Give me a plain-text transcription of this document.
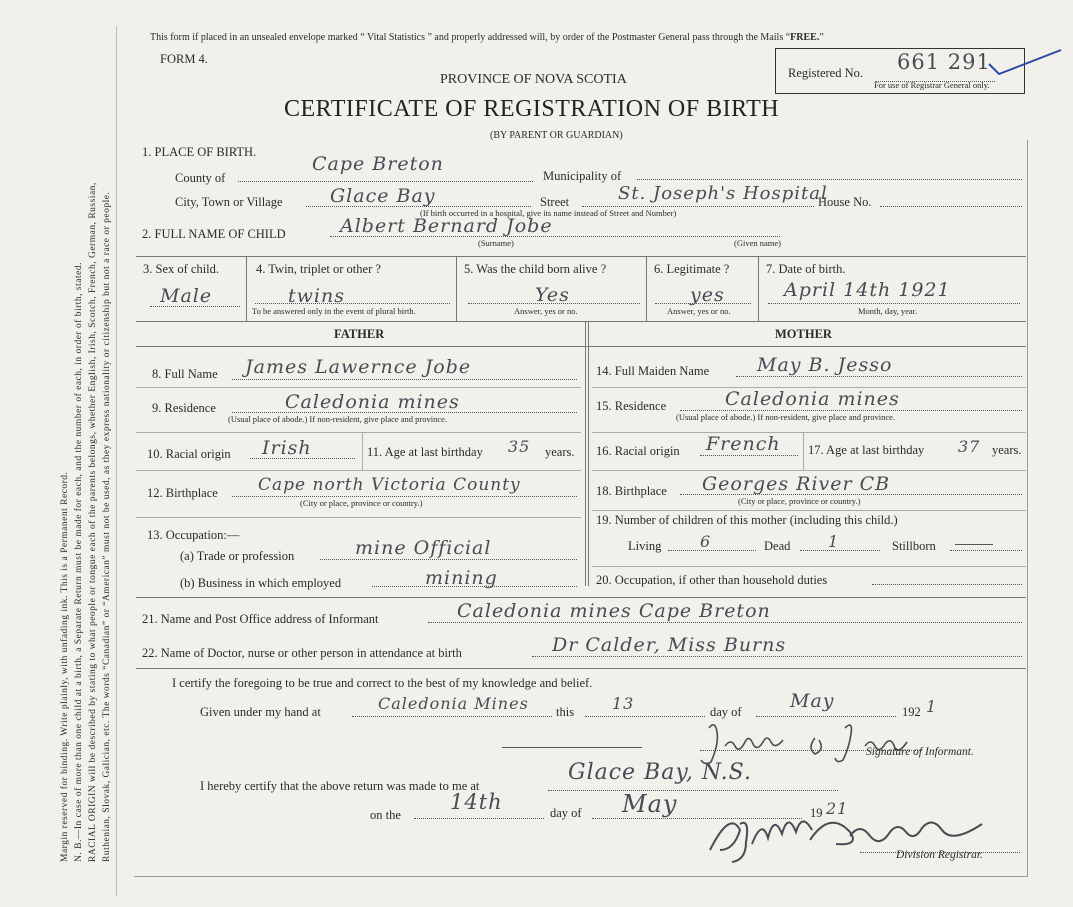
Margin reserved for binding. Write plainly, with unfading ink. This is a Permanent Record. N. B.—In case of more than one child at a birth, a Separate Return must be made for each, and the number of each, in order of birth, stated. RACIAL ORIGIN will be described by stating to what people or tongue each of the parents belongs, whether English, Irish, Scotch, French, German, Russian, Ruthenian, Slovak, Galician, etc. The words “Canadian” or “American” must not be used, as they express nationality or citizenship but not a race or people.
This form if placed in an unsealed envelope marked “ Vital Statistics ” and properly addressed will, by order of the Postmaster General pass through the Mails “FREE.”
FORM 4.
PROVINCE OF NOVA SCOTIA
CERTIFICATE OF REGISTRATION OF BIRTH
(BY PARENT OR GUARDIAN)
Registered No. 661 291
For use of Registrar General only.
1. PLACE OF BIRTH.
County of
Cape Breton
Municipality of
City, Town or Village Glace Bay	Street	St. Joseph's Hospital
House No.
(If birth occurred in a hospital, give its name instead of Street and Number)
2. FULL NAME OF CHILD	Albert Bernard Jobe
(Surname)	(Given name)
3. Sex of child.
Male
4. Twin, triplet or other ?
twins
To be answered only in the event of plural birth.
5. Was the child born alive ?
Yes
Answer, yes or no.
6. Legitimate ?
yes
Answer, yes or no.
7. Date of birth.
April 14th 1921
Month, day, year.
FATHER	MOTHER
8. Full Name James Lawernce Jobe
9. Residence	Caledonia mines
(Usual place of abode.) If non-resident, give place and province.
10. Racial origin Irish	11. Age at last birthday 35 years.
12. Birthplace Cape north Victoria County
(City or place, province or country.)
13. Occupation:—
(a) Trade or profession	mine Official
(b) Business in which employed	mining
14. Full Maiden Name	May B. Jesso
15. Residence	Caledonia mines
(Usual place of abode.) If non-resident, give place and province.
16. Racial origin French 17. Age at last birthday 37 years.
18. Birthplace Georges River CB
(City or place, province or country.)
19. Number of children of this mother (including this child.)
Living 6	Dead 1	Stillborn
20. Occupation, if other than household duties
21. Name and Post Office address of Informant	Caledonia mines Cape Breton
22. Name of Doctor, nurse or other person in attendance at birth	Dr Calder, Miss Burns
I certify the foregoing to be true and correct to the best of my knowledge and belief.
Given under my hand at	Caledonia Mines this 13	day of	May	192 1
Signature of Informant.
I hereby certify that the above return was made to me at
Glace Bay, N.S.
on the
14th	day of May	19 21
Division Registrar.
